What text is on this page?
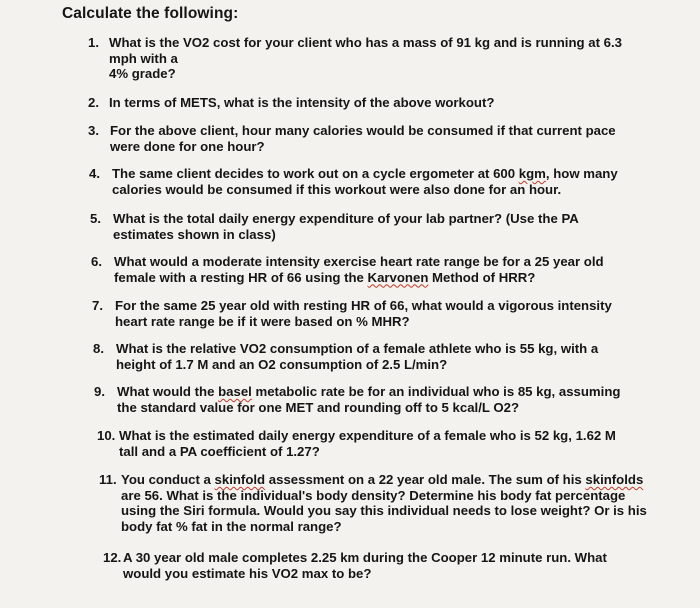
Calculate the following:
1. What is the VO2 cost for your client who has a mass of 91 kg and is running at 6.3
mph with a
4% grade?
2. In terms of METS, what is the intensity of the above workout?
3. For the above client, hour many calories would be consumed if that current pace
were done for one hour?
4. The same client decides to work out on a cycle ergometer at 600 kgm, how many
calories would be consumed if this workout were also done for an hour.
5. What is the total daily energy expenditure of your lab partner? (Use the PA
estimates shown in class)
6. What would a moderate intensity exercise heart rate range be for a 25 year old
female with a resting HR of 66 using the Karvonen Method of HRR?
7. For the same 25 year old with resting HR of 66, what would a vigorous intensity
heart rate range be if it were based on % MHR?
8. What is the relative VO2 consumption of a female athlete who is 55 kg, with a
height of 1.7 M and an O2 consumption of 2.5 L/min?
9. What would the basel metabolic rate be for an individual who is 85 kg, assuming
the standard value for one MET and rounding off to 5 kcal/L O2?
10. What is the estimated daily energy expenditure of a female who is 52 kg, 1.62 M
tall and a PA coefficient of 1.27?
11. You conduct a skinfold assessment on a 22 year old male. The sum of his skinfolds
are 56. What is the individual's body density? Determine his body fat percentage
using the Siri formula. Would you say this individual needs to lose weight? Or is his
body fat % fat in the normal range?
12. A 30 year old male completes 2.25 km during the Cooper 12 minute run. What
would you estimate his VO2 max to be?
